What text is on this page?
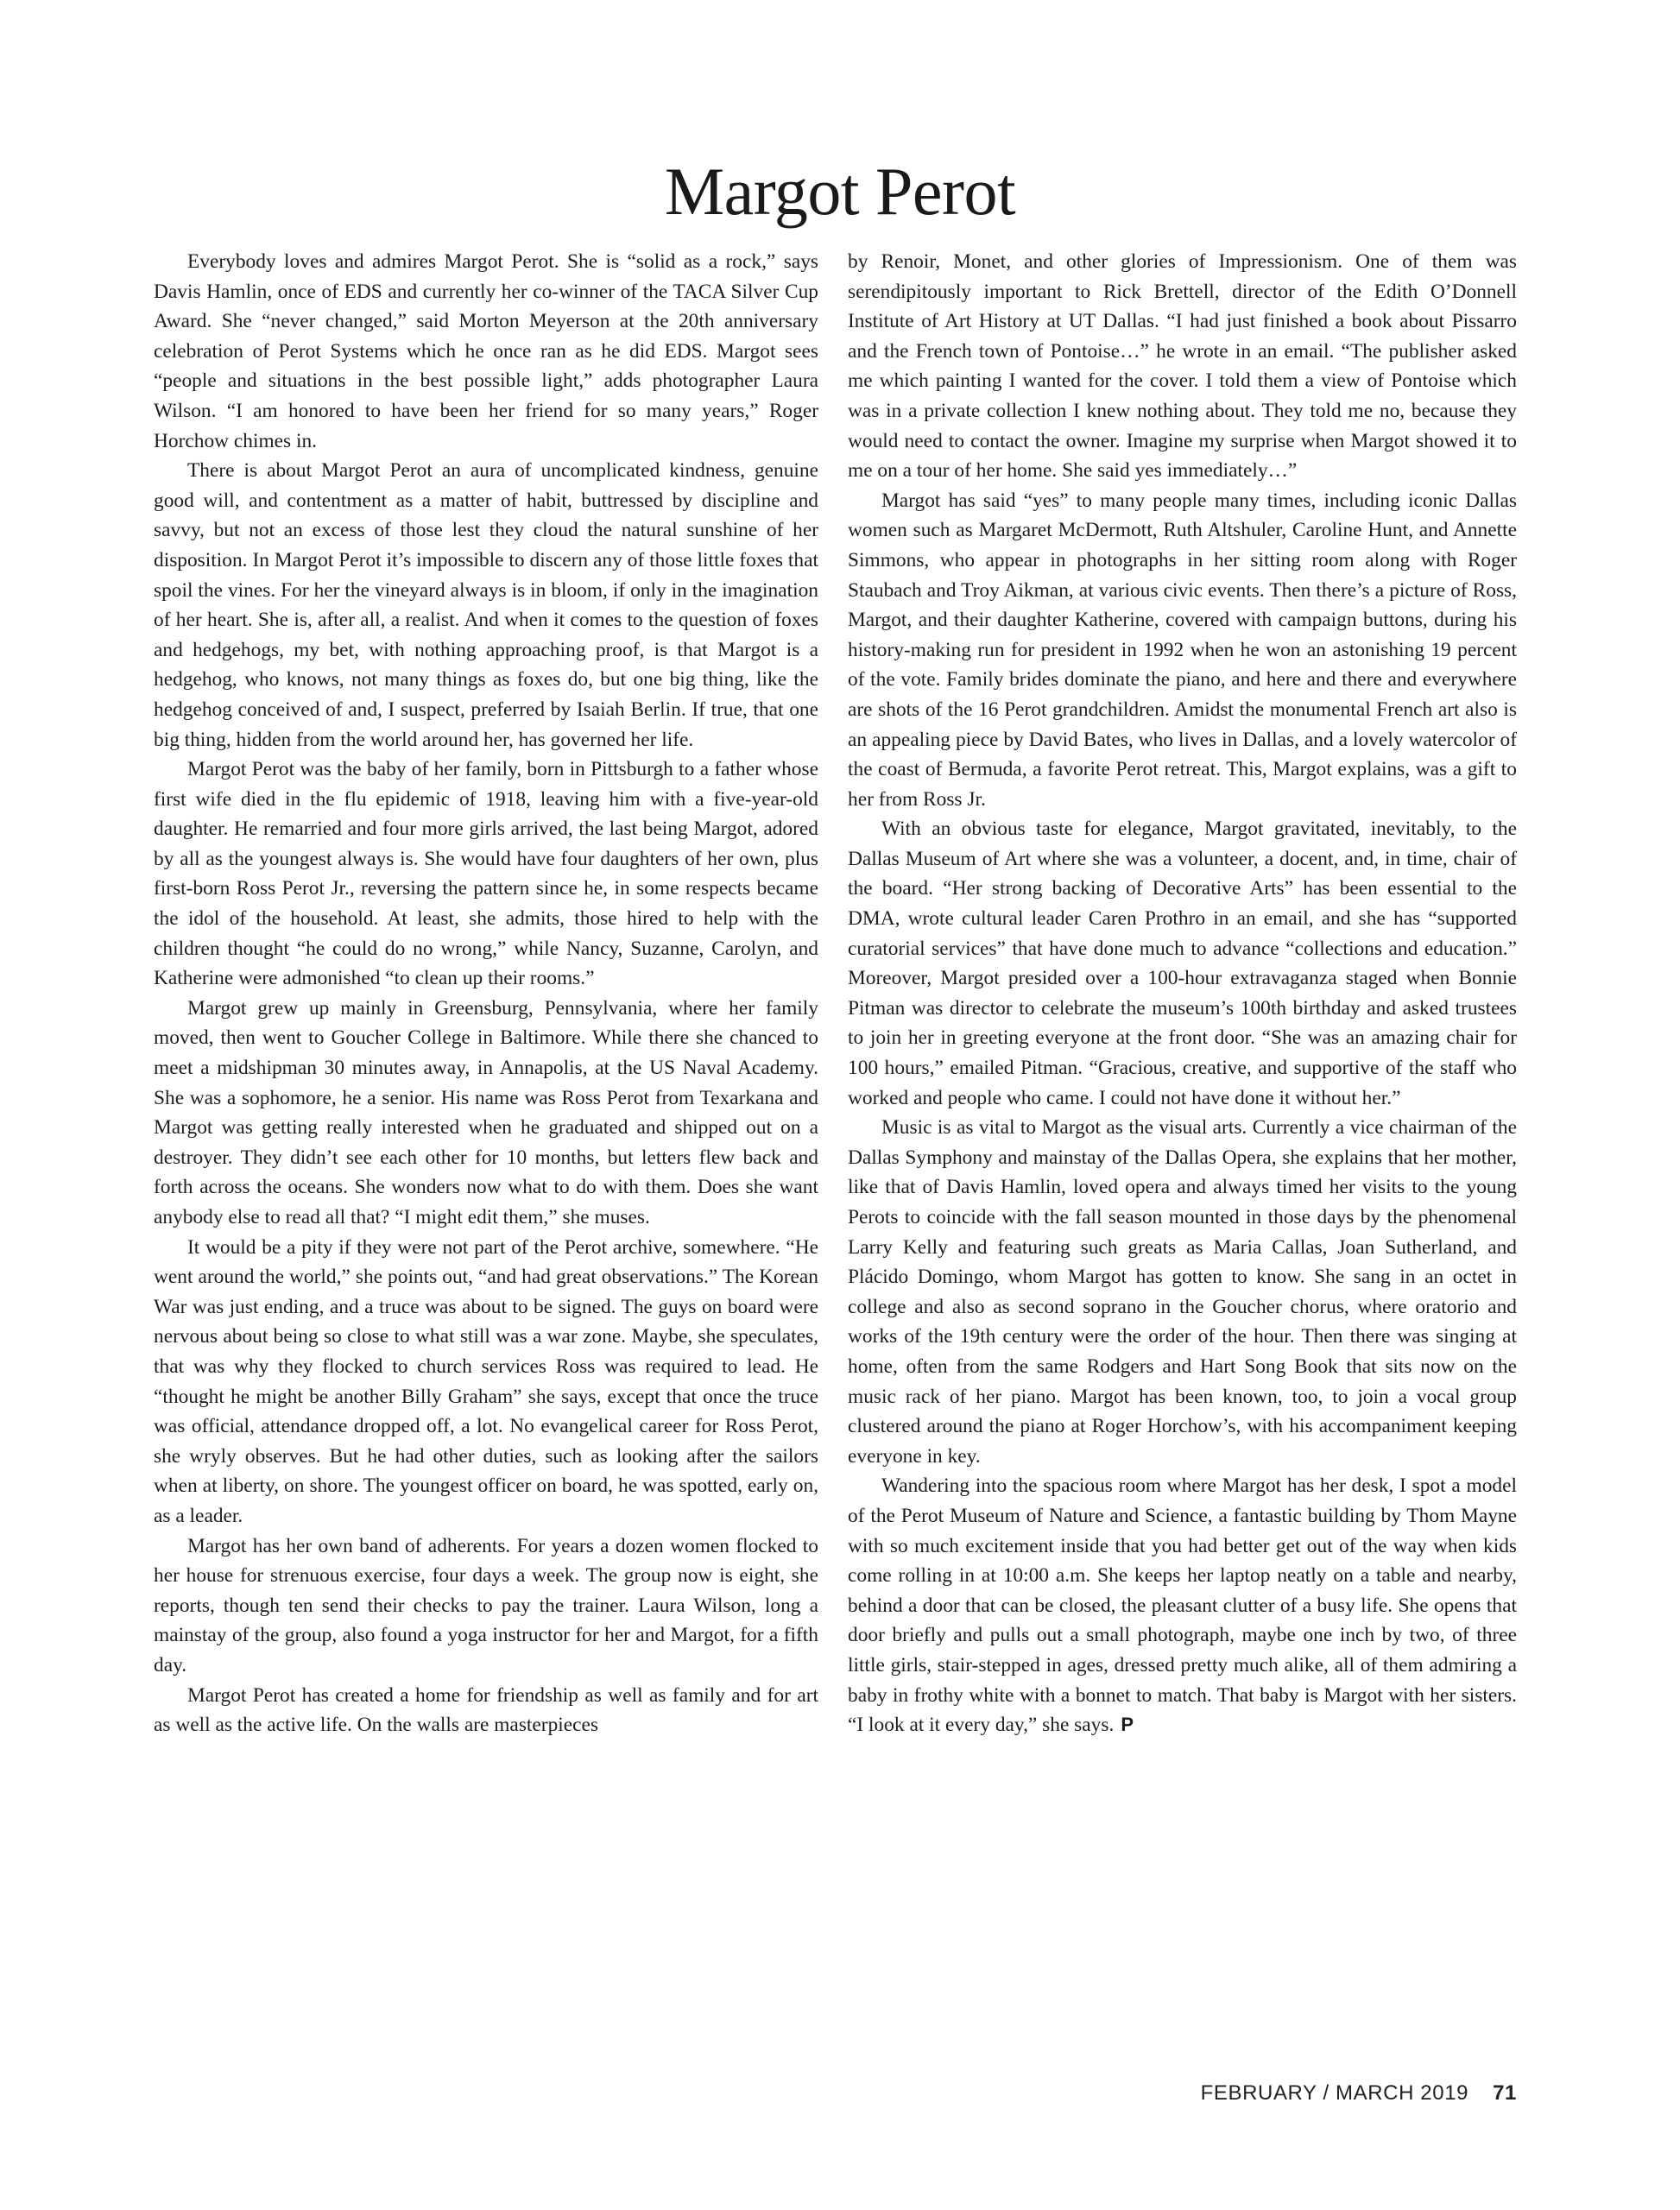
Margot Perot

Everybody loves and admires Margot Perot. She is “solid as a rock,” says Davis Hamlin, once of EDS and currently her co-winner of the TACA Silver Cup Award. She “never changed,” said Morton Meyerson at the 20th anniversary celebration of Perot Systems which he once ran as he did EDS. Margot sees “people and situations in the best possible light,” adds photographer Laura Wilson. “I am honored to have been her friend for so many years,” Roger Horchow chimes in.

There is about Margot Perot an aura of uncomplicated kindness, genuine good will, and contentment as a matter of habit, buttressed by discipline and savvy, but not an excess of those lest they cloud the natural sunshine of her disposition. In Margot Perot it’s impossible to discern any of those little foxes that spoil the vines. For her the vineyard always is in bloom, if only in the imagination of her heart. She is, after all, a realist. And when it comes to the question of foxes and hedgehogs, my bet, with nothing approaching proof, is that Margot is a hedgehog, who knows, not many things as foxes do, but one big thing, like the hedgehog conceived of and, I suspect, preferred by Isaiah Berlin. If true, that one big thing, hidden from the world around her, has governed her life.

Margot Perot was the baby of her family, born in Pittsburgh to a father whose first wife died in the flu epidemic of 1918, leaving him with a five-year-old daughter. He remarried and four more girls arrived, the last being Margot, adored by all as the youngest always is. She would have four daughters of her own, plus first-born Ross Perot Jr., reversing the pattern since he, in some respects became the idol of the household. At least, she admits, those hired to help with the children thought “he could do no wrong,” while Nancy, Suzanne, Carolyn, and Katherine were admonished “to clean up their rooms.”

Margot grew up mainly in Greensburg, Pennsylvania, where her family moved, then went to Goucher College in Baltimore. While there she chanced to meet a midshipman 30 minutes away, in Annapolis, at the US Naval Academy. She was a sophomore, he a senior. His name was Ross Perot from Texarkana and Margot was getting really interested when he graduated and shipped out on a destroyer. They didn’t see each other for 10 months, but letters flew back and forth across the oceans. She wonders now what to do with them. Does she want anybody else to read all that? “I might edit them,” she muses.

It would be a pity if they were not part of the Perot archive, somewhere. “He went around the world,” she points out, “and had great observations.” The Korean War was just ending, and a truce was about to be signed. The guys on board were nervous about being so close to what still was a war zone. Maybe, she speculates, that was why they flocked to church services Ross was required to lead. He “thought he might be another Billy Graham” she says, except that once the truce was official, attendance dropped off, a lot. No evangelical career for Ross Perot, she wryly observes. But he had other duties, such as looking after the sailors when at liberty, on shore. The youngest officer on board, he was spotted, early on, as a leader.

Margot has her own band of adherents. For years a dozen women flocked to her house for strenuous exercise, four days a week. The group now is eight, she reports, though ten send their checks to pay the trainer. Laura Wilson, long a mainstay of the group, also found a yoga instructor for her and Margot, for a fifth day.

Margot Perot has created a home for friendship as well as family and for art as well as the active life. On the walls are masterpieces

by Renoir, Monet, and other glories of Impressionism. One of them was serendipitously important to Rick Brettell, director of the Edith O’Donnell Institute of Art History at UT Dallas. “I had just finished a book about Pissarro and the French town of Pontoise…” he wrote in an email. “The publisher asked me which painting I wanted for the cover. I told them a view of Pontoise which was in a private collection I knew nothing about. They told me no, because they would need to contact the owner. Imagine my surprise when Margot showed it to me on a tour of her home. She said yes immediately…”

Margot has said “yes” to many people many times, including iconic Dallas women such as Margaret McDermott, Ruth Altshuler, Caroline Hunt, and Annette Simmons, who appear in photographs in her sitting room along with Roger Staubach and Troy Aikman, at various civic events. Then there’s a picture of Ross, Margot, and their daughter Katherine, covered with campaign buttons, during his history-making run for president in 1992 when he won an astonishing 19 percent of the vote. Family brides dominate the piano, and here and there and everywhere are shots of the 16 Perot grandchildren. Amidst the monumental French art also is an appealing piece by David Bates, who lives in Dallas, and a lovely watercolor of the coast of Bermuda, a favorite Perot retreat. This, Margot explains, was a gift to her from Ross Jr.

With an obvious taste for elegance, Margot gravitated, inevitably, to the Dallas Museum of Art where she was a volunteer, a docent, and, in time, chair of the board. “Her strong backing of Decorative Arts” has been essential to the DMA, wrote cultural leader Caren Prothro in an email, and she has “supported curatorial services” that have done much to advance “collections and education.” Moreover, Margot presided over a 100-hour extravaganza staged when Bonnie Pitman was director to celebrate the museum’s 100th birthday and asked trustees to join her in greeting everyone at the front door. “She was an amazing chair for 100 hours,” emailed Pitman. “Gracious, creative, and supportive of the staff who worked and people who came. I could not have done it without her.”

Music is as vital to Margot as the visual arts. Currently a vice chairman of the Dallas Symphony and mainstay of the Dallas Opera, she explains that her mother, like that of Davis Hamlin, loved opera and always timed her visits to the young Perots to coincide with the fall season mounted in those days by the phenomenal Larry Kelly and featuring such greats as Maria Callas, Joan Sutherland, and Plácido Domingo, whom Margot has gotten to know. She sang in an octet in college and also as second soprano in the Goucher chorus, where oratorio and works of the 19th century were the order of the hour. Then there was singing at home, often from the same Rodgers and Hart Song Book that sits now on the music rack of her piano. Margot has been known, too, to join a vocal group clustered around the piano at Roger Horchow’s, with his accompaniment keeping everyone in key.

Wandering into the spacious room where Margot has her desk, I spot a model of the Perot Museum of Nature and Science, a fantastic building by Thom Mayne with so much excitement inside that you had better get out of the way when kids come rolling in at 10:00 a.m. She keeps her laptop neatly on a table and nearby, behind a door that can be closed, the pleasant clutter of a busy life. She opens that door briefly and pulls out a small photograph, maybe one inch by two, of three little girls, stair-stepped in ages, dressed pretty much alike, all of them admiring a baby in frothy white with a bonnet to match. That baby is Margot with her sisters. “I look at it every day,” she says. P

FEBRUARY / MARCH 2019 71
